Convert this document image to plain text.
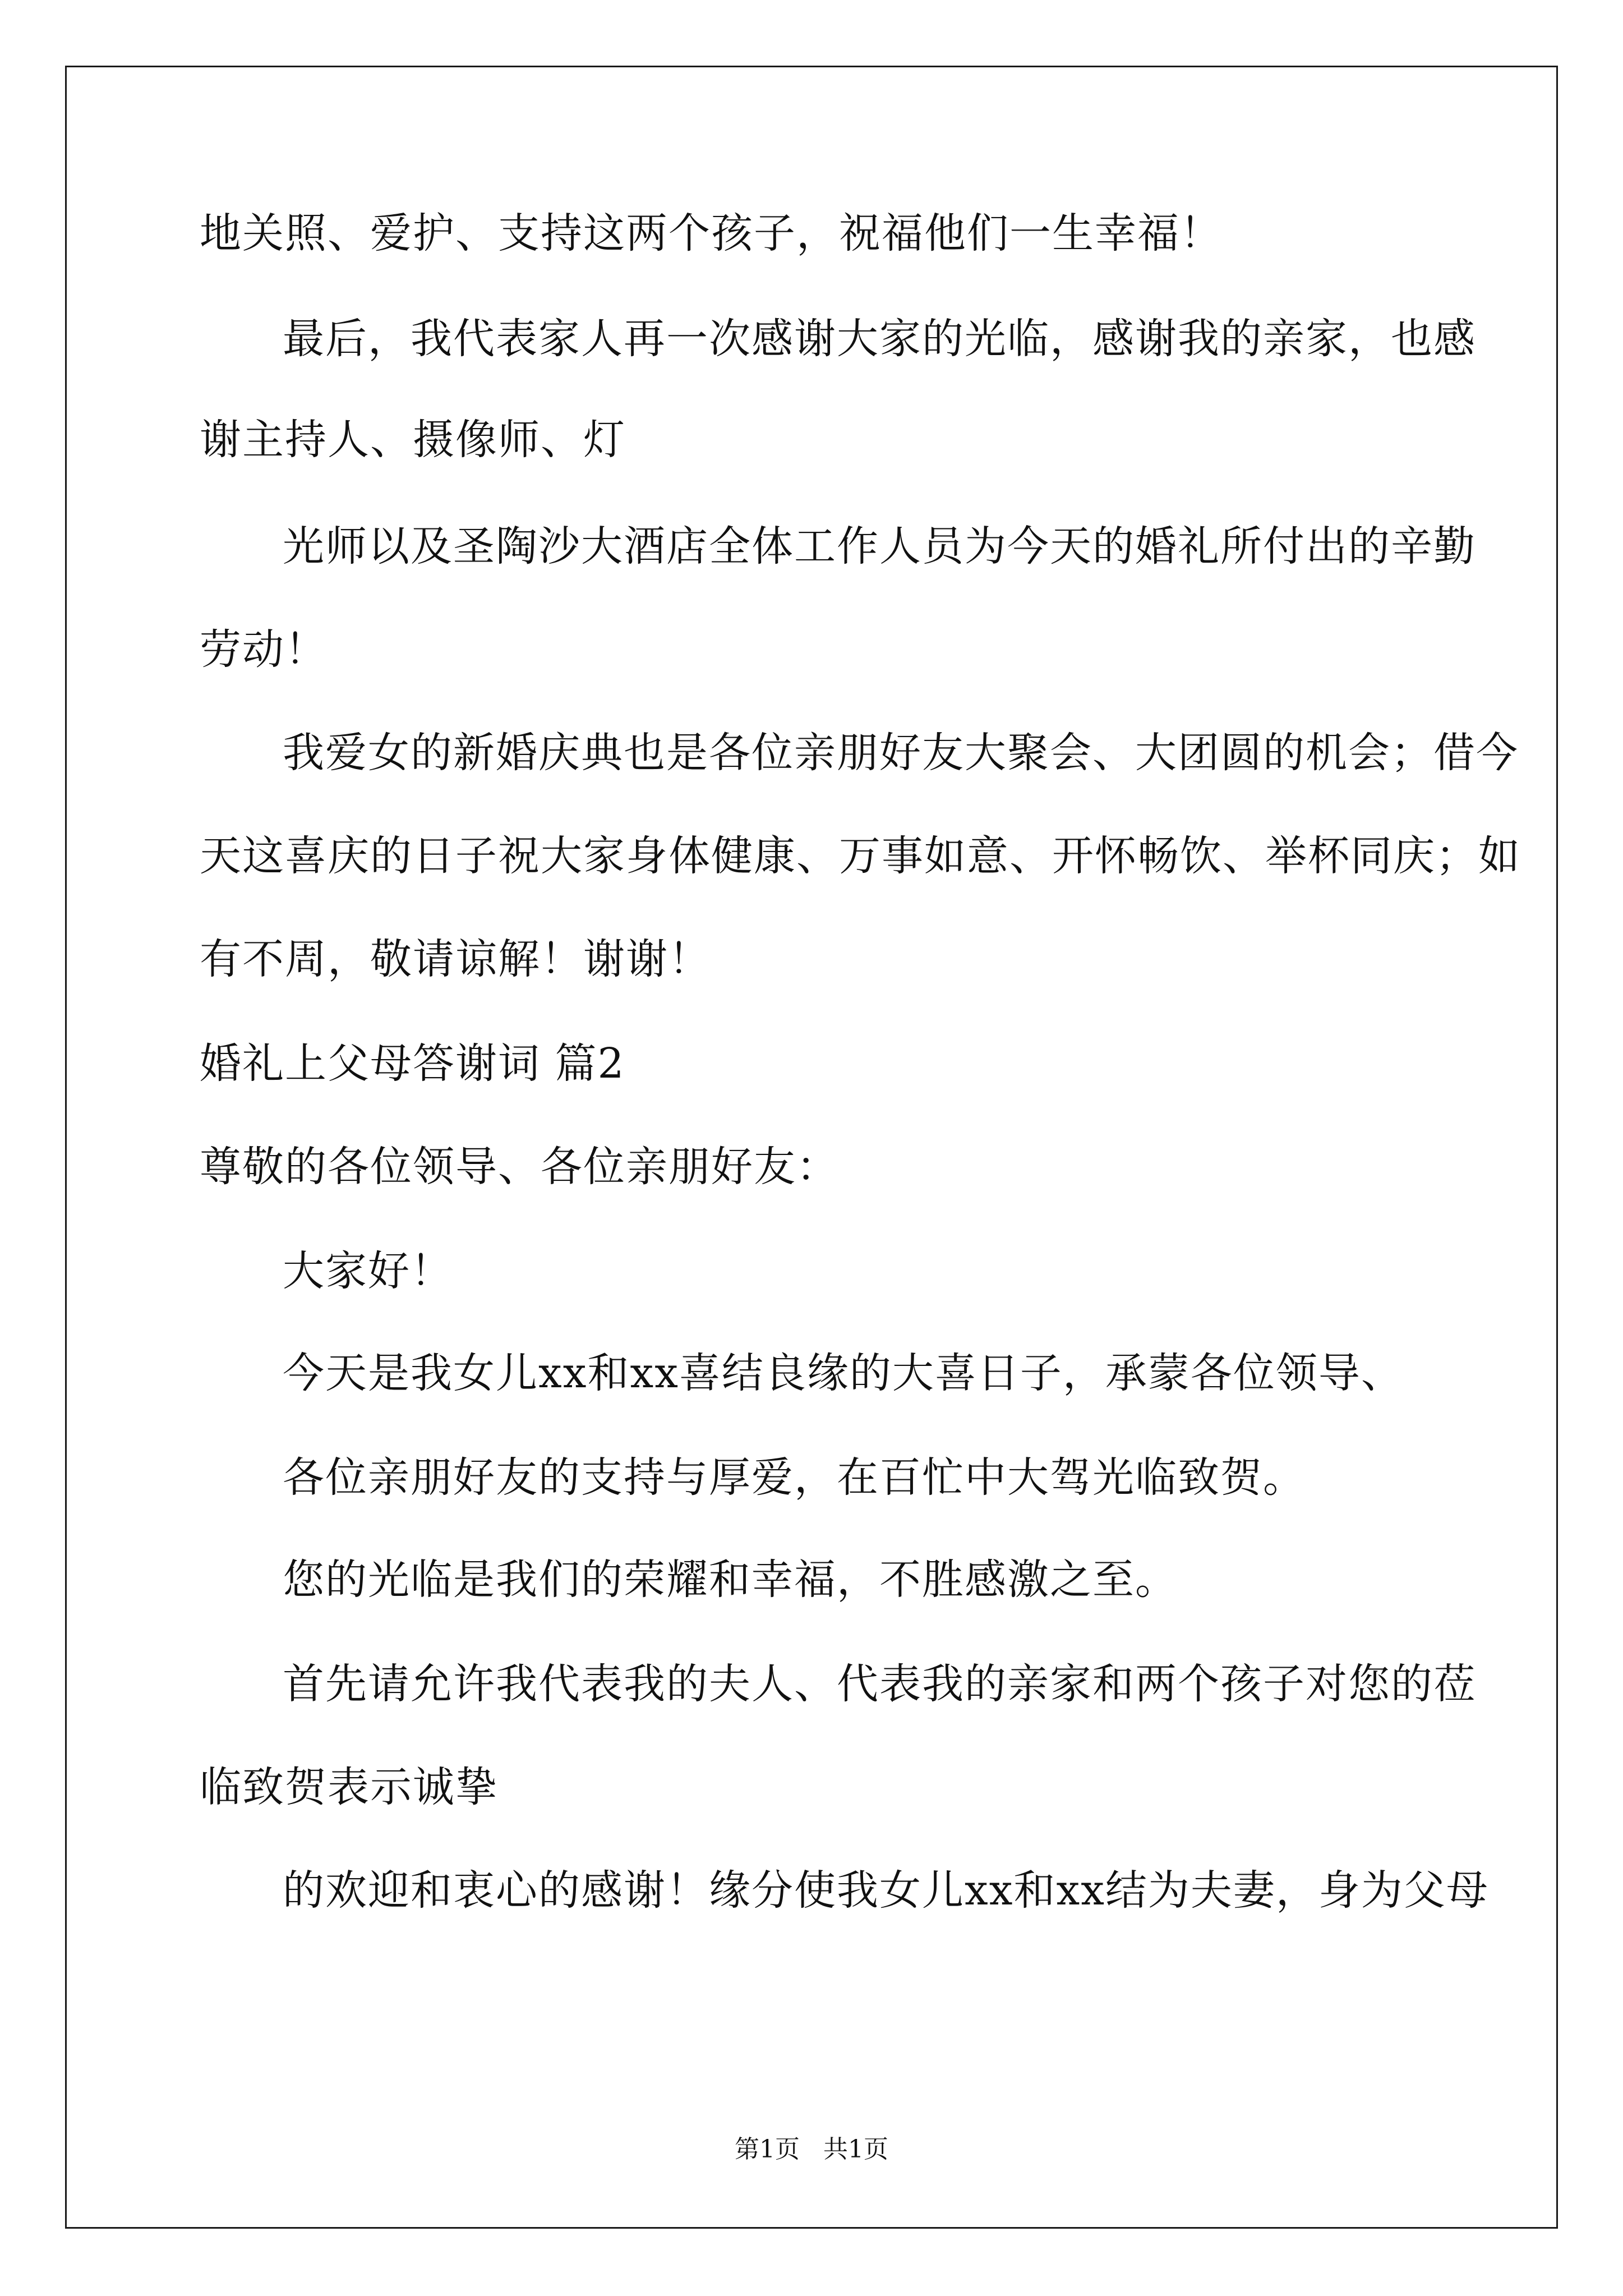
地关照、爱护、支持这两个孩子，祝福他们一生幸福！
最后，我代表家人再一次感谢大家的光临，感谢我的亲家，也感
谢主持人、摄像师、灯
光师以及圣陶沙大酒店全体工作人员为今天的婚礼所付出的辛勤
劳动！
我爱女的新婚庆典也是各位亲朋好友大聚会、大团圆的机会；借今
天这喜庆的日子祝大家身体健康、万事如意、开怀畅饮、举杯同庆；如
有不周，敬请谅解！谢谢！
婚礼上父母答谢词 篇2
尊敬的各位领导、各位亲朋好友：
大家好！
今天是我女儿xx和xx喜结良缘的大喜日子，承蒙各位领导、
各位亲朋好友的支持与厚爱，在百忙中大驾光临致贺。
您的光临是我们的荣耀和幸福，不胜感激之至。
首先请允许我代表我的夫人、代表我的亲家和两个孩子对您的莅
临致贺表示诚挚
的欢迎和衷心的感谢！缘分使我女儿xx和xx结为夫妻，身为父母
第1页 共1页
